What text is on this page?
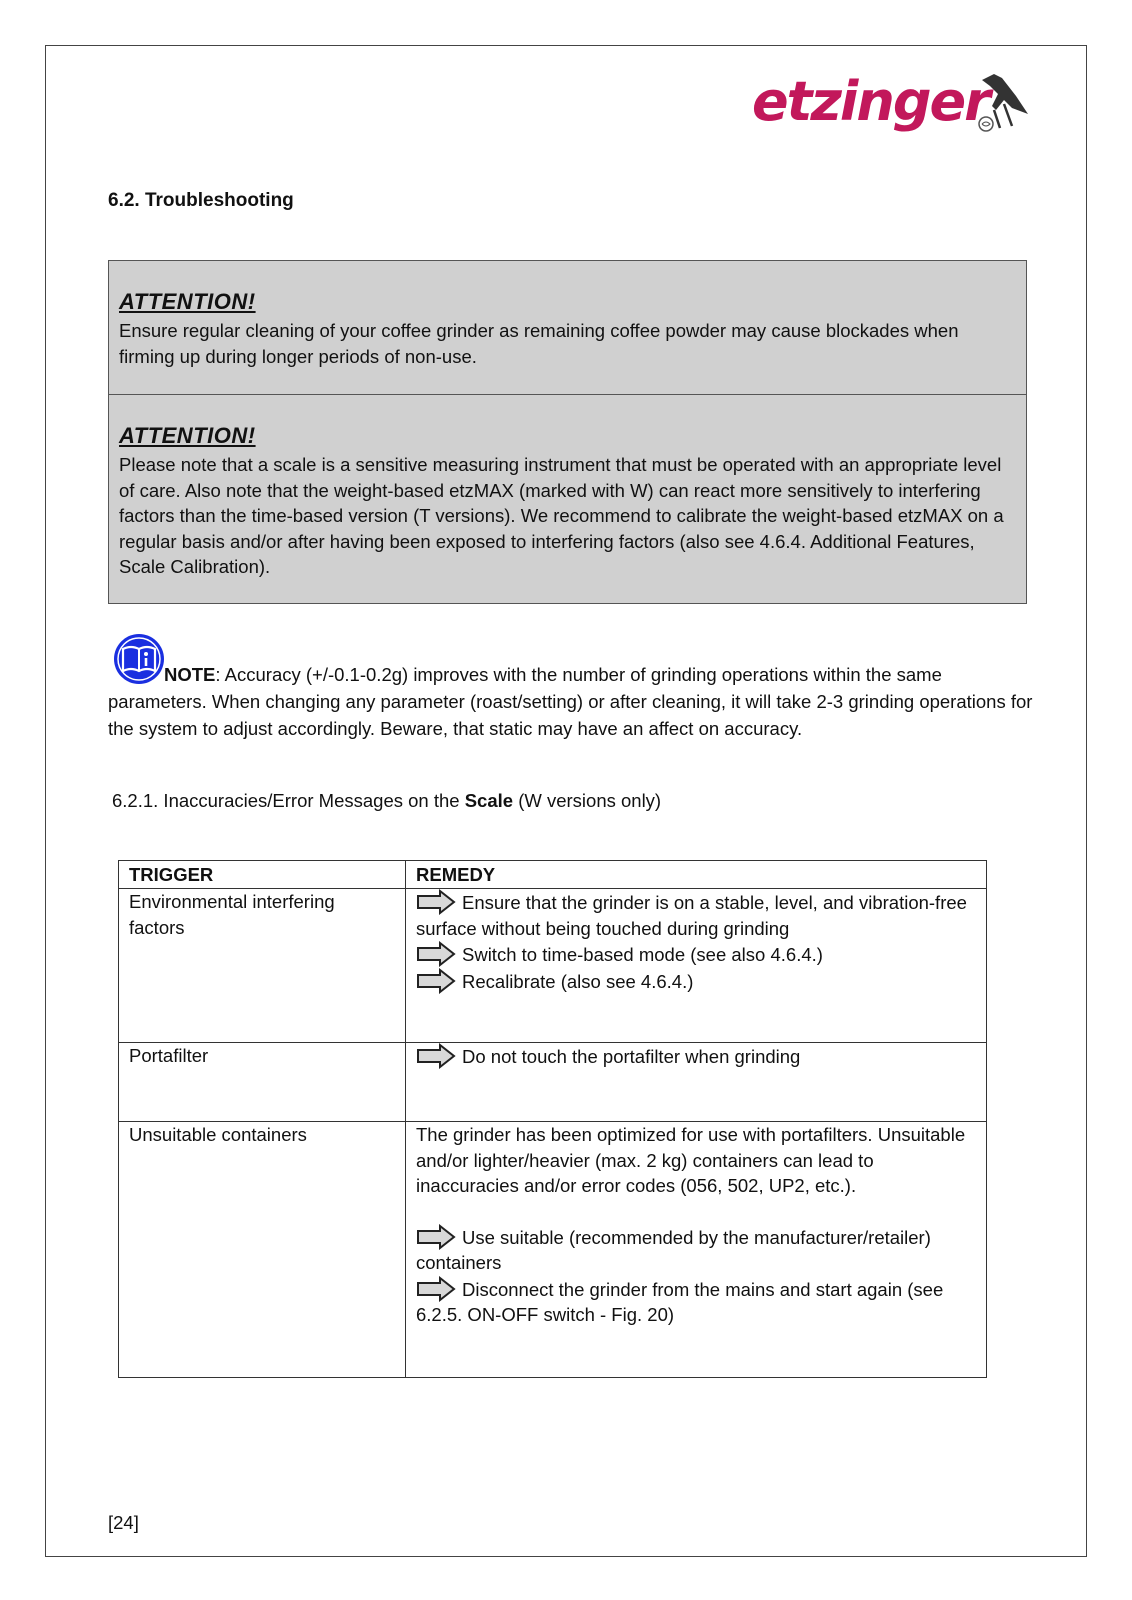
etzinger
6.2. Troubleshooting
ATTENTION!
Ensure regular cleaning of your coffee grinder as remaining coffee powder may cause blockades when firming up during longer periods of non-use.
ATTENTION!
Please note that a scale is a sensitive measuring instrument that must be operated with an appropriate level of care. Also note that the weight-based etzMAX (marked with W) can react more sensitively to interfering factors than the time-based version (T versions). We recommend to calibrate the weight-based etzMAX on a regular basis and/or after having been exposed to interfering factors (also see 4.6.4. Additional Features, Scale Calibration).

NOTE: Accuracy (+/-0.1-0.2g) improves with the number of grinding operations within the same

parameters. When changing any parameter (roast/setting) or after cleaning, it will take 2-3 grinding operations for the system to adjust accordingly. Beware, that static may have an affect on accuracy.

6.2.1. Inaccuracies/Error Messages on the Scale (W versions only)
TRIGGER	REMEDY
Environmental interfering factors	Ensure that the grinder is on a stable, level, and vibration-free surface without being touched during grinding
Switch to time-based mode (see also 4.6.4.)
Recalibrate (also see 4.6.4.)

Portafilter	Do not touch the portafilter when grinding

Unsuitable containers	The grinder has been optimized for use with portafilters. Unsuitable and/or lighter/heavier (max. 2 kg) containers can lead to inaccuracies and/or error codes (056, 502, UP2, etc.).
Use suitable (recommended by the manufacturer/retailer) containers
Disconnect the grinder from the mains and start again (see 6.2.5. ON-OFF switch - Fig. 20)
[24]
